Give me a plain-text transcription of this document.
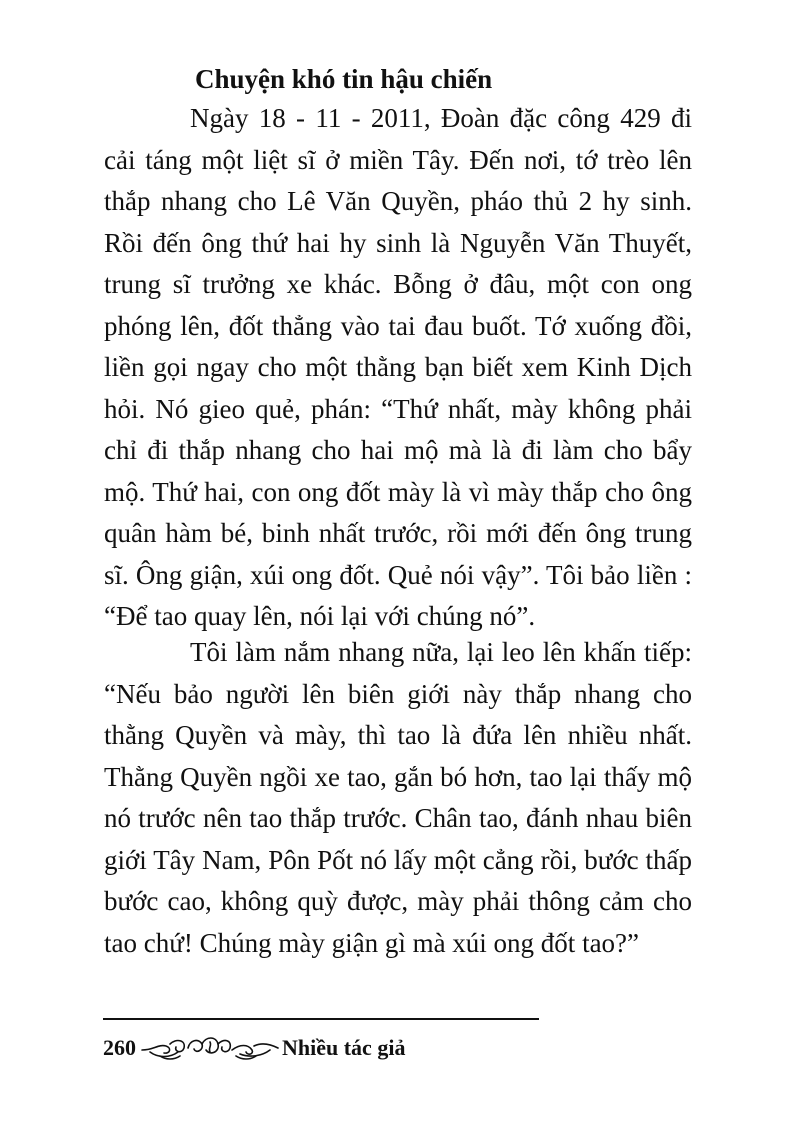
Chuyện khó tin hậu chiến

Ngày 18 - 11 - 2011, Đoàn đặc công 429 đi cải táng một liệt sĩ ở miền Tây. Đến nơi, tớ trèo lên thắp nhang cho Lê Văn Quyền, pháo thủ 2 hy sinh. Rồi đến ông thứ hai hy sinh là Nguyễn Văn Thuyết, trung sĩ trưởng xe khác. Bỗng ở đâu, một con ong phóng lên, đốt thẳng vào tai đau buốt. Tớ xuống đồi, liền gọi ngay cho một thằng bạn biết xem Kinh Dịch hỏi. Nó gieo quẻ, phán: “Thứ nhất, mày không phải chỉ đi thắp nhang cho hai mộ mà là đi làm cho bẩy mộ. Thứ hai, con ong đốt mày là vì mày thắp cho ông quân hàm bé, binh nhất trước, rồi mới đến ông trung sĩ. Ông giận, xúi ong đốt. Quẻ nói vậy”. Tôi bảo liền : “Để tao quay lên, nói lại với chúng nó”.

Tôi làm nắm nhang nữa, lại leo lên khấn tiếp: “Nếu bảo người lên biên giới này thắp nhang cho thằng Quyền và mày, thì tao là đứa lên nhiều nhất. Thằng Quyền ngồi xe tao, gắn bó hơn, tao lại thấy mộ nó trước nên tao thắp trước. Chân tao, đánh nhau biên giới Tây Nam, Pôn Pốt nó lấy một cẳng rồi, bước thấp bước cao, không quỳ được, mày phải thông cảm cho tao chứ! Chúng mày giận gì mà xúi ong đốt tao?”

260	Nhiều tác giả
